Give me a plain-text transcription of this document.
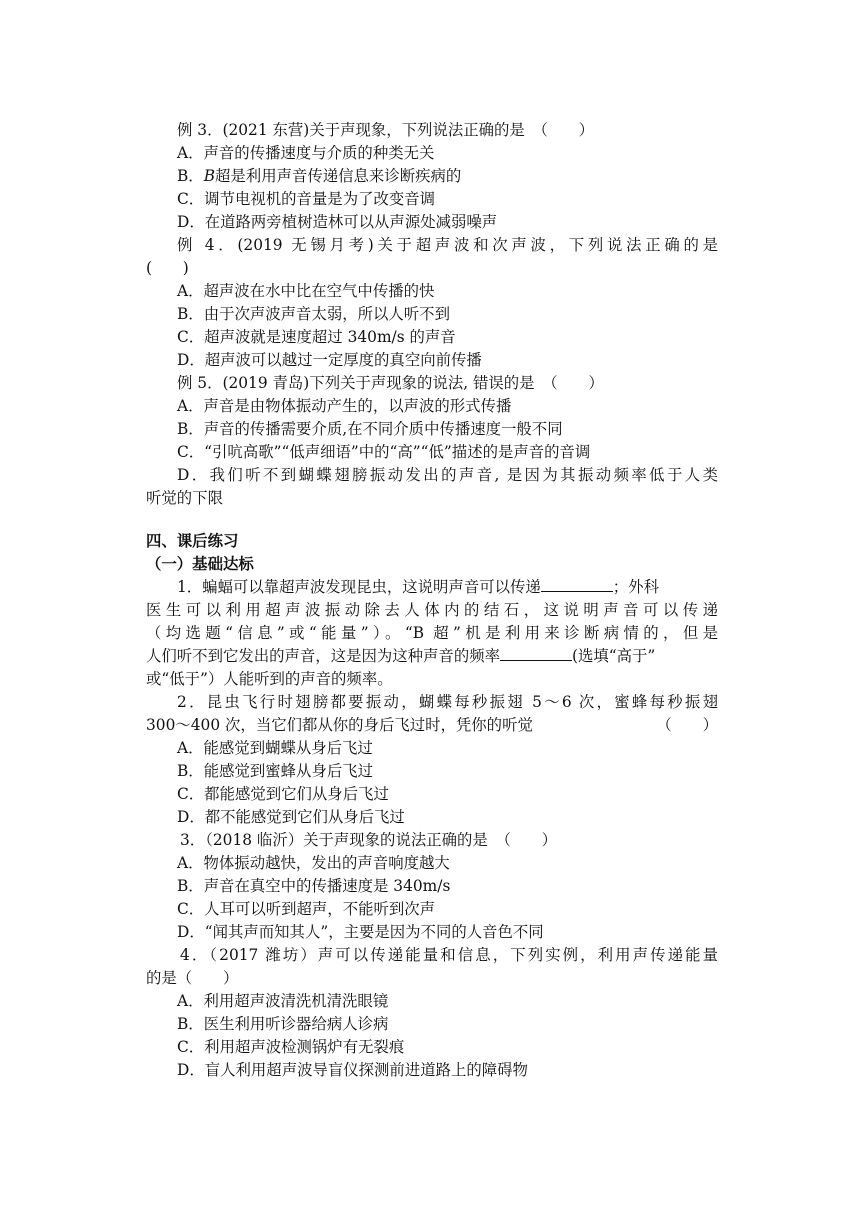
例 3．(2021 东营)关于声现象，下列说法正确的是　（　　）
A．声音的传播速度与介质的种类无关
B．B超是利用声音传递信息来诊断疾病的
C．调节电视机的音量是为了改变音调
D．在道路两旁植树造林可以从声源处减弱噪声
例 4．(2019 无锡月考)关于超声波和次声波，下列说法正确的是
(　　)
A．超声波在水中比在空气中传播的快
B．由于次声波声音太弱，所以人听不到
C．超声波就是速度超过 340m/s 的声音
D．超声波可以越过一定厚度的真空向前传播
例 5．(2019 青岛)下列关于声现象的说法, 错误的是　（　　）
A．声音是由物体振动产生的，以声波的形式传播
B．声音的传播需要介质,在不同介质中传播速度一般不同
C．“引吭高歌”“低声细语”中的“高”“低”描述的是声音的音调
D．我们听不到蝴蝶翅膀振动发出的声音, 是因为其振动频率低于人类
听觉的下限
四、课后练习
（一）基础达标
1．蝙蝠可以靠超声波发现昆虫，这说明声音可以传递	；外科
医生可以利用超声波振动除去人体内的结石，这说明声音可以传递
（均选题“信息”或“能量”）。“B 超”机是利用来诊断病情的，但是
人们听不到它发出的声音，这是因为这种声音的频率	(选填“高于”
或“低于”）人能听到的声音的频率。
2．昆虫飞行时翅膀都要振动，蝴蝶每秒振翅 5～6 次，蜜蜂每秒振翅
300～400 次，当它们都从你的身后飞过时，凭你的听觉	（　　）
A．能感觉到蝴蝶从身后飞过
B．能感觉到蜜蜂从身后飞过
C．都能感觉到它们从身后飞过
D．都不能感觉到它们从身后飞过
3．（2018 临沂）关于声现象的说法正确的是　（　　）
A．物体振动越快，发出的声音响度越大
B．声音在真空中的传播速度是 340m/s
C．人耳可以听到超声，不能听到次声
D．“闻其声而知其人”，主要是因为不同的人音色不同
4．（2017 潍坊）声可以传递能量和信息，下列实例，利用声传递能量
的是（　　）
A．利用超声波清洗机清洗眼镜
B．医生利用听诊器给病人诊病
C．利用超声波检测锅炉有无裂痕
D．盲人利用超声波导盲仪探测前进道路上的障碍物
